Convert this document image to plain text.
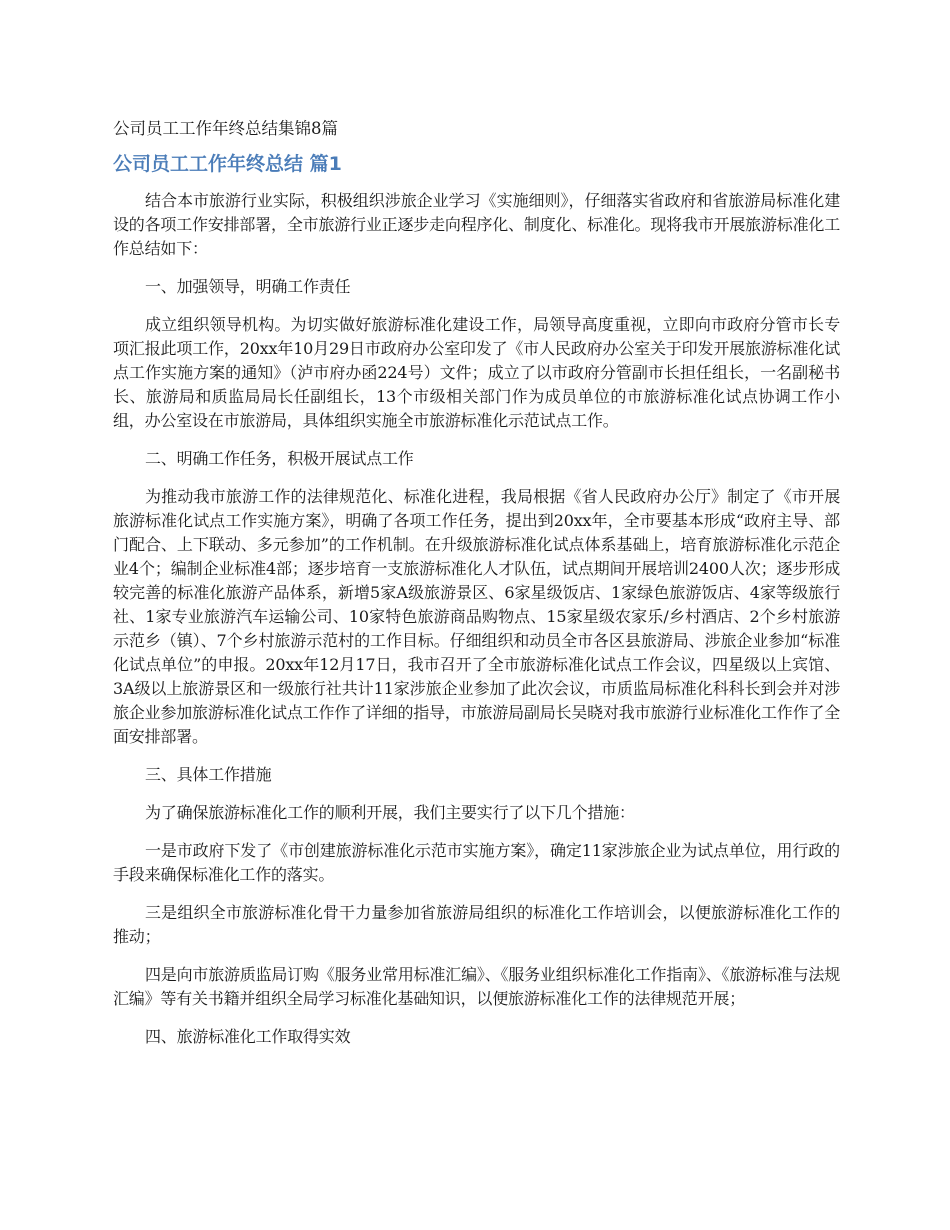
公司员工工作年终总结集锦8篇
公司员工工作年终总结 篇1

结合本市旅游行业实际，积极组织涉旅企业学习《实施细则》，仔细落实省政府和省旅游局标准化建设的各项工作安排部署，全市旅游行业正逐步走向程序化、制度化、标准化。现将我市开展旅游标准化工作总结如下：

一、加强领导，明确工作责任

成立组织领导机构。为切实做好旅游标准化建设工作，局领导高度重视，立即向市政府分管市长专项汇报此项工作，20xx年10月29日市政府办公室印发了《市人民政府办公室关于印发开展旅游标准化试点工作实施方案的通知》（泸市府办函224号）文件；成立了以市政府分管副市长担任组长，一名副秘书长、旅游局和质监局局长任副组长，13个市级相关部门作为成员单位的市旅游标准化试点协调工作小组，办公室设在市旅游局，具体组织实施全市旅游标准化示范试点工作。

二、明确工作任务，积极开展试点工作

为推动我市旅游工作的法律规范化、标准化进程，我局根据《省人民政府办公厅》制定了《市开展旅游标准化试点工作实施方案》，明确了各项工作任务，提出到20xx年，全市要基本形成“政府主导、部门配合、上下联动、多元参加”的工作机制。在升级旅游标准化试点体系基础上，培育旅游标准化示范企业4个；编制企业标准4部；逐步培育一支旅游标准化人才队伍，试点期间开展培训2400人次；逐步形成较完善的标准化旅游产品体系，新增5家A级旅游景区、6家星级饭店、1家绿色旅游饭店、4家等级旅行社、1家专业旅游汽车运输公司、10家特色旅游商品购物点、15家星级农家乐/乡村酒店、2个乡村旅游示范乡（镇）、7个乡村旅游示范村的工作目标。仔细组织和动员全市各区县旅游局、涉旅企业参加“标准化试点单位”的申报。20xx年12月17日，我市召开了全市旅游标准化试点工作会议，四星级以上宾馆、3A级以上旅游景区和一级旅行社共计11家涉旅企业参加了此次会议，市质监局标准化科科长到会并对涉旅企业参加旅游标准化试点工作作了详细的指导，市旅游局副局长吴晓对我市旅游行业标准化工作作了全面安排部署。

三、具体工作措施

为了确保旅游标准化工作的顺利开展，我们主要实行了以下几个措施：

一是市政府下发了《市创建旅游标准化示范市实施方案》，确定11家涉旅企业为试点单位，用行政的手段来确保标准化工作的落实。

三是组织全市旅游标准化骨干力量参加省旅游局组织的标准化工作培训会，以便旅游标准化工作的推动；

四是向市旅游质监局订购《服务业常用标准汇编》、《服务业组织标准化工作指南》、《旅游标准与法规汇编》等有关书籍并组织全局学习标准化基础知识，以便旅游标准化工作的法律规范开展；

四、旅游标准化工作取得实效
